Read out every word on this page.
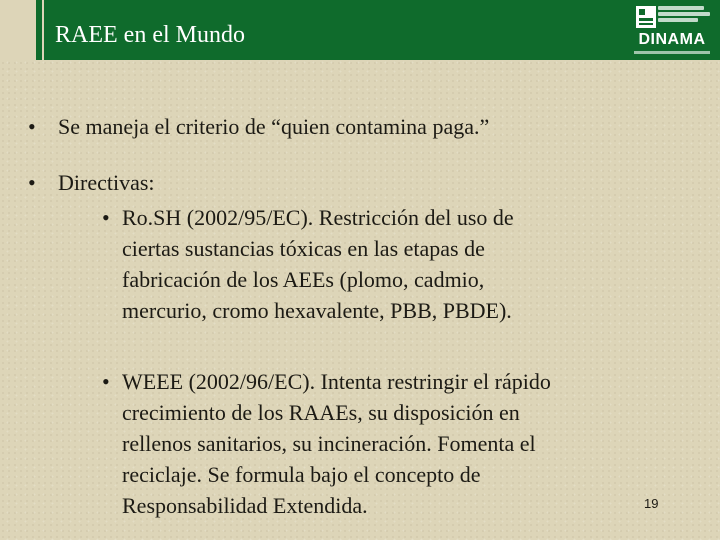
RAEE en el Mundo	DINAMA
• Se maneja el criterio de “quien contamina paga.”
• Directivas:
• Ro.SH (2002/95/EC). Restricción del uso de
ciertas sustancias tóxicas en las etapas de
fabricación de los AEEs (plomo, cadmio,
mercurio, cromo hexavalente, PBB, PBDE).
• WEEE (2002/96/EC). Intenta restringir el rápido
crecimiento de los RAAEs, su disposición en
rellenos sanitarios, su incineración. Fomenta el
reciclaje. Se formula bajo el concepto de
Responsabilidad Extendida.	19
